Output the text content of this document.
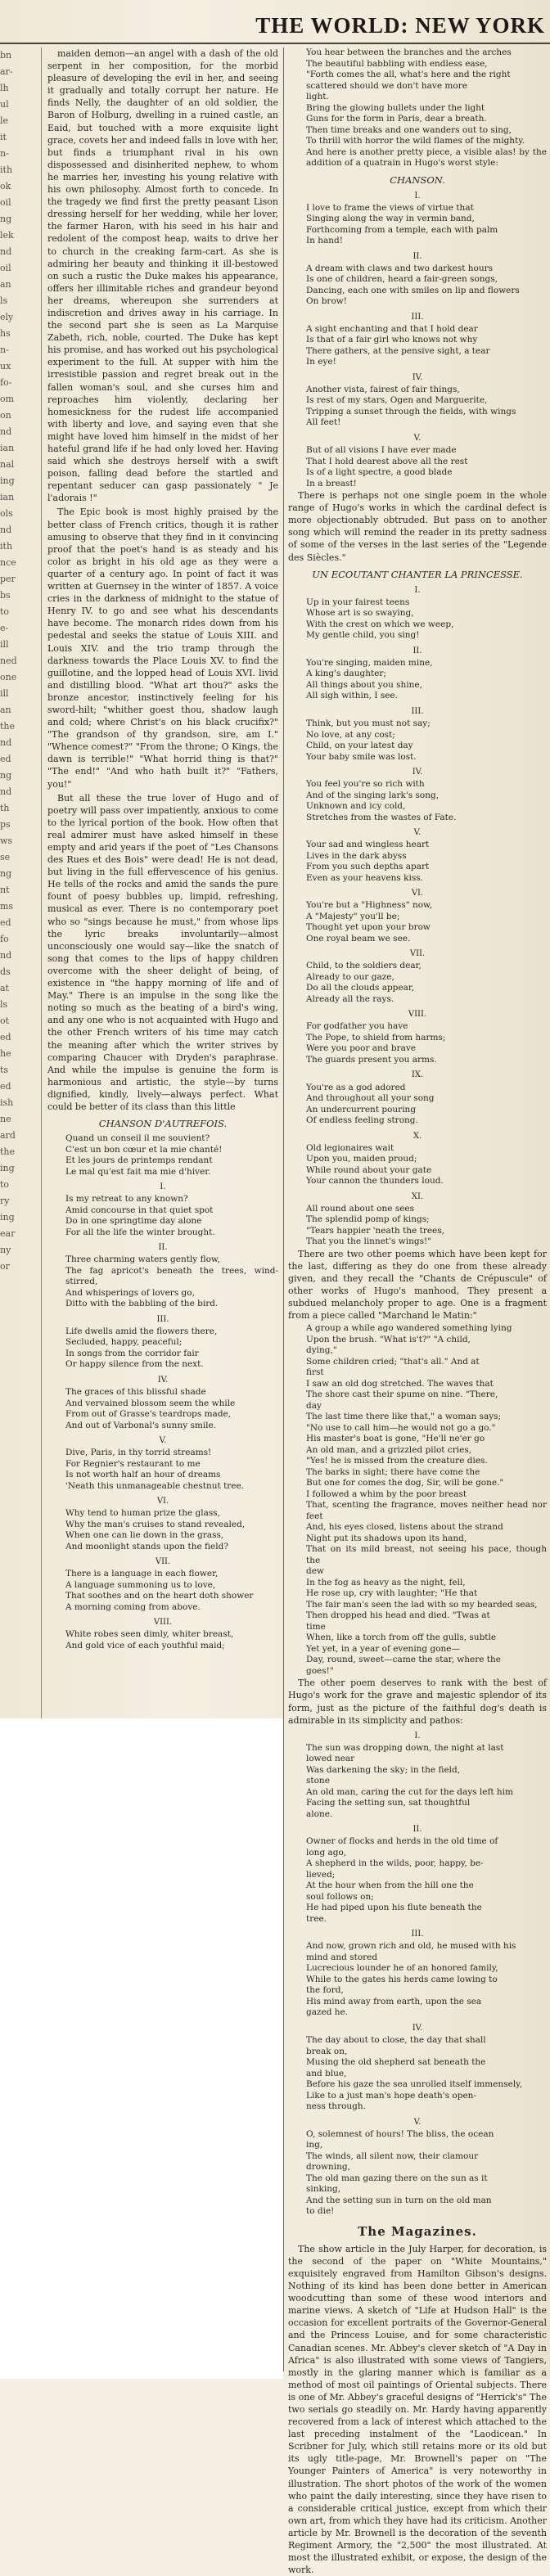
THE WORLD: NEW YORK
bn
ar-
lh
ul
le
it
n-
ith
ok
oil
ng
lek
nd
oil
an
ls
ely
hs
n-
ux
fo-
om
on
nd
ian
nal
ing
ian
ols
nd
ith
nce
per
bs
to
e-
ill
ned
one
ill
an
the
nd
ed
ng
nd
th
ps
ws
se
ng
nt
ms
ed
fo
nd
ds
at
ls
ot
ed
he
ts
ed
ish
ne
ard
the
ing
to
ry
ing
ear
ny
or

maiden demon—an angel with a dash of the old serpent in her composition, for the morbid pleasure of developing the evil in her, and seeing it gradually and totally corrupt her nature. He finds Nelly, the daughter of an old soldier, the Baron of Holburg, dwelling in a ruined castle, an Eaid, but touched with a more exquisite light grace, covets her and indeed falls in love with her, but finds a triumphant rival in his own dispossessed and disinherited nephew, to whom he marries her, investing his young relative with his own philosophy. Almost forth to concede. In the tragedy we find first the pretty peasant Lison dressing herself for her wedding, while her lover, the farmer Haron, with his seed in his hair and redolent of the compost heap, waits to drive her to church in the creaking farm-cart. As she is admiring her beauty and thinking it ill-bestowed on such a rustic the Duke makes his appearance, offers her illimitable riches and grandeur beyond her dreams, whereupon she surrenders at indiscretion and drives away in his carriage. In the second part she is seen as La Marquise Zabeth, rich, noble, courted. The Duke has kept his promise, and has worked out his psychological experiment to the full. At supper with him the irresistible passion and regret break out in the fallen woman's soul, and she curses him and reproaches him violently, declaring her homesickness for the rudest life accompanied with liberty and love, and saying even that she might have loved him himself in the midst of her hateful grand life if he had only loved her. Having said which she destroys herself with a swift poison, falling dead before the startled and repentant seducer can gasp passionately " Je l'adorais !"

The Epic book is most highly praised by the better class of French critics, though it is rather amusing to observe that they find in it convincing proof that the poet's hand is as steady and his color as bright in his old age as they were a quarter of a century ago. In point of fact it was written at Guernsey in the winter of 1857. A voice cries in the darkness of midnight to the statue of Henry IV. to go and see what his descendants have become. The monarch rides down from his pedestal and seeks the statue of Louis XIII. and Louis XIV. and the trio tramp through the darkness towards the Place Louis XV. to find the guillotine, and the lopped head of Louis XVI. livid and distilling blood. "What art thou?" asks the bronze ancestor, instinctively feeling for his sword-hilt; "whither goest thou, shadow laugh and cold; where Christ's on his black crucifix?" "The grandson of thy grandson, sire, am I." "Whence comest?" "From the throne; O Kings, the dawn is terrible!" "What horrid thing is that?" "The end!" "And who hath built it?" "Fathers, you!"

But all these the true lover of Hugo and of poetry will pass over impatiently, anxious to come to the lyrical portion of the book. How often that real admirer must have asked himself in these empty and arid years if the poet of "Les Chansons des Rues et des Bois" were dead! He is not dead, but living in the full effervescence of his genius. He tells of the rocks and amid the sands the pure fount of poesy bubbles up, limpid, refreshing, musical as ever. There is no contemporary poet who so "sings because he must," from whose lips the lyric breaks involuntarily—almost unconsciously one would say—like the snatch of song that comes to the lips of happy children overcome with the sheer delight of being, of existence in "the happy morning of life and of May." There is an impulse in the song like the noting so much as the beating of a bird's wing, and any one who is not acquainted with Hugo and the other French writers of his time may catch the meaning after which the writer strives by comparing Chaucer with Dryden's paraphrase. And while the impulse is genuine the form is harmonious and artistic, the style—by turns dignified, kindly, lively—always perfect. What could be better of its class than this little

CHANSON D'AUTREFOIS.
Quand un conseil il me souvient?
C'est un bon cœur et la mie chanté!
Et les jours de printemps rendant
Le mal qu'est fait ma mie d'hiver.
I.
Is my retreat to any known?
Amid concourse in that quiet spot
Do in one springtime day alone
For all the life the winter brought.
II.
Three charming waters gently flow,
The fag apricot's beneath the trees, wind-stirred,
And whisperings of lovers go,
Ditto with the babbling of the bird.
III.
Life dwells amid the flowers there,
Secluded, happy, peaceful;
In songs from the corridor fair
Or happy silence from the next.
IV.
The graces of this blissful shade
And vervained blossom seem the while
From out of Grasse's teardrops made,
And out of Varbonal's sunny smile.
V.
Dive, Paris, in thy torrid streams!
For Regnier's restaurant to me
Is not worth half an hour of dreams
'Neath this unmanageable chestnut tree.
VI.
Why tend to human prize the glass,
Why the man's cruises to stand revealed,
When one can lie down in the grass,
And moonlight stands upon the field?
VII.
There is a language in each flower,
A language summoning us to love,
That soothes and on the heart doth shower
A morning coming from above.
VIII.
White robes seen dimly, whiter breast,
And gold vice of each youthful maid;
You hear between the branches and the arches
The beautiful babbling with endless ease,
"Forth comes the all, what's here and the right
scattered should we don't have more
light.
Bring the glowing bullets under the light
Guns for the form in Paris, dear a breath.
Then time breaks and one wanders out to sing,
To thrill with horror the wild flames of the mighty.
And here is another pretty piece, a visible alas! by the addition of a quatrain in Hugo's worst style:
CHANSON.
I.
I love to frame the views of virtue that
Singing along the way in vermin band,
Forthcoming from a temple, each with palm
In hand!
II.
A dream with claws and two darkest hours
Is one of children, heard a fair-green songs,
Dancing, each one with smiles on lip and flowers
On brow!
III.
A sight enchanting and that I hold dear
Is that of a fair girl who knows not why
There gathers, at the pensive sight, a tear
In eye!
IV.
Another vista, fairest of fair things,
Is rest of my stars, Ogen and Marguerite,
Tripping a sunset through the fields, with wings
All feet!
V.
But of all visions I have ever made
That I hold dearest above all the rest
Is of a light spectre, a good blade
In a breast!

There is perhaps not one single poem in the whole range of Hugo's works in which the cardinal defect is more objectionably obtruded. But pass on to another song which will remind the reader in its pretty sadness of some of the verses in the last series of the "Legende des Siècles."

UN ECOUTANT CHANTER LA PRINCESSE.
I.
Up in your fairest teens
Whose art is so swaying,
With the crest on which we weep,
My gentle child, you sing!
II.
You're singing, maiden mine,
A king's daughter;
All things about you shine,
All sigh within, I see.
III.
Think, but you must not say;
No love, at any cost;
Child, on your latest day
Your baby smile was lost.
IV.
You feel you're so rich with
And of the singing lark's song,
Unknown and icy cold,
Stretches from the wastes of Fate.
V.
Your sad and wingless heart
Lives in the dark abyss
From you such depths apart
Even as your heavens kiss.
VI.
You're but a "Highness" now,
A "Majesty" you'll be;
Thought yet upon your brow
One royal beam we see.
VII.
Child, to the soldiers dear,
Already to our gaze,
Do all the clouds appear,
Already all the rays.
VIII.
For godfather you have
The Pope, to shield from harms;
Were you poor and brave
The guards present you arms.
IX.
You're as a god adored
And throughout all your song
An undercurrent pouring
Of endless feeling strong.
X.
Old legionaires wait
Upon you, maiden proud;
While round about your gate
Your cannon the thunders loud.
XI.
All round about one sees
The splendid pomp of kings;
"Tears happier 'neath the trees,
That you the linnet's wings!"

There are two other poems which have been kept for the last, differing as they do one from these already given, and they recall the "Chants de Crépuscule" of other works of Hugo's manhood, They present a subdued melancholy proper to age. One is a fragment from a piece called "Marchand le Matin:"

A group a while ago wandered something lying
Upon the brush. "What is't?" "A child,
dying,"
Some children cried; "that's all." And at
first
I saw an old dog stretched. The waves that
The shore cast their spume on nine. "There,
day
The last time there like that," a woman says;
"No use to call him—he would not go a go."
His master's boat is gone, "He'll ne'er go
An old man, and a grizzled pilot cries,
"Yes! he is missed from the creature dies.
The barks in sight; there have come the
But one for comes the dog, Sir, will be gone."
I followed a whim by the poor breast
That, scenting the fragrance, moves neither head nor feet
And, his eyes closed, listens about the strand
Night put its shadows upon its hand,
That on its mild breast, not seeing his pace, though the
dew
In the fog as heavy as the night, fell,
He rose up, cry with laughter; "He that
The fair man's seen the lad with so my bearded seas,
Then dropped his head and died. "Twas at
time
When, like a torch from off the gulls, subtle
Yet yet, in a year of evening gone—
Day, round, sweet—came the star, where the
goes!"

The other poem deserves to rank with the best of Hugo's work for the grave and majestic splendor of its form, just as the picture of the faithful dog's death is admirable in its simplicity and pathos:

I.
The sun was dropping down, the night at last
lowed near
Was darkening the sky; in the field,
stone
An old man, caring the cut for the days left him
Facing the setting sun, sat thoughtful
alone.
II.
Owner of flocks and herds in the old time of
long ago,
A shepherd in the wilds, poor, happy, be-
lieved;
At the hour when from the hill one the
soul follows on;
He had piped upon his flute beneath the
tree.
III.
And now, grown rich and old, he mused with his
mind and stored
Lucrecious lounder he of an honored family,
While to the gates his herds came lowing to
the ford,
His mind away from earth, upon the sea
gazed he.
IV.
The day about to close, the day that shall
break on,
Musing the old shepherd sat beneath the
and blue,
Before his gaze the sea unrolled itself immensely,
Like to a just man's hope death's open-
ness through.
V.
O, solemnest of hours! The bliss, the ocean
ing,
The winds, all silent now, their clamour
drowning,
The old man gazing there on the sun as it
sinking,
And the setting sun in turn on the old man
to die!
The Magazines.

The show article in the July Harper, for decoration, is the second of the paper on "White Mountains," exquisitely engraved from Hamilton Gibson's designs. Nothing of its kind has been done better in American woodcutting than some of these wood interiors and marine views. A sketch of "Life at Hudson Hall" is the occasion for excellent portraits of the Governor-General and the Princess Louise, and for some characteristic Canadian scenes. Mr. Abbey's clever sketch of "A Day in Africa" is also illustrated with some views of Tangiers, mostly in the glaring manner which is familiar as a method of most oil paintings of Oriental subjects. There is one of Mr. Abbey's graceful designs of "Herrick's" The two serials go steadily on. Mr. Hardy having apparently recovered from a lack of interest which attached to the last preceding instalment of the "Laodicean." In Scribner for July, which still retains more or its old but its ugly title-page, Mr. Brownell's paper on "The Younger Painters of America" is very noteworthy in illustration. The short photos of the work of the women who paint the daily interesting, since they have risen to a considerable critical justice, except from which their own art, from which they have had its criticism. Another article by Mr. Brownell is the decoration of the seventh Regiment Armory, the "2,500" the most illustrated. At most the illustrated exhibit, or expose, the design of the work.
